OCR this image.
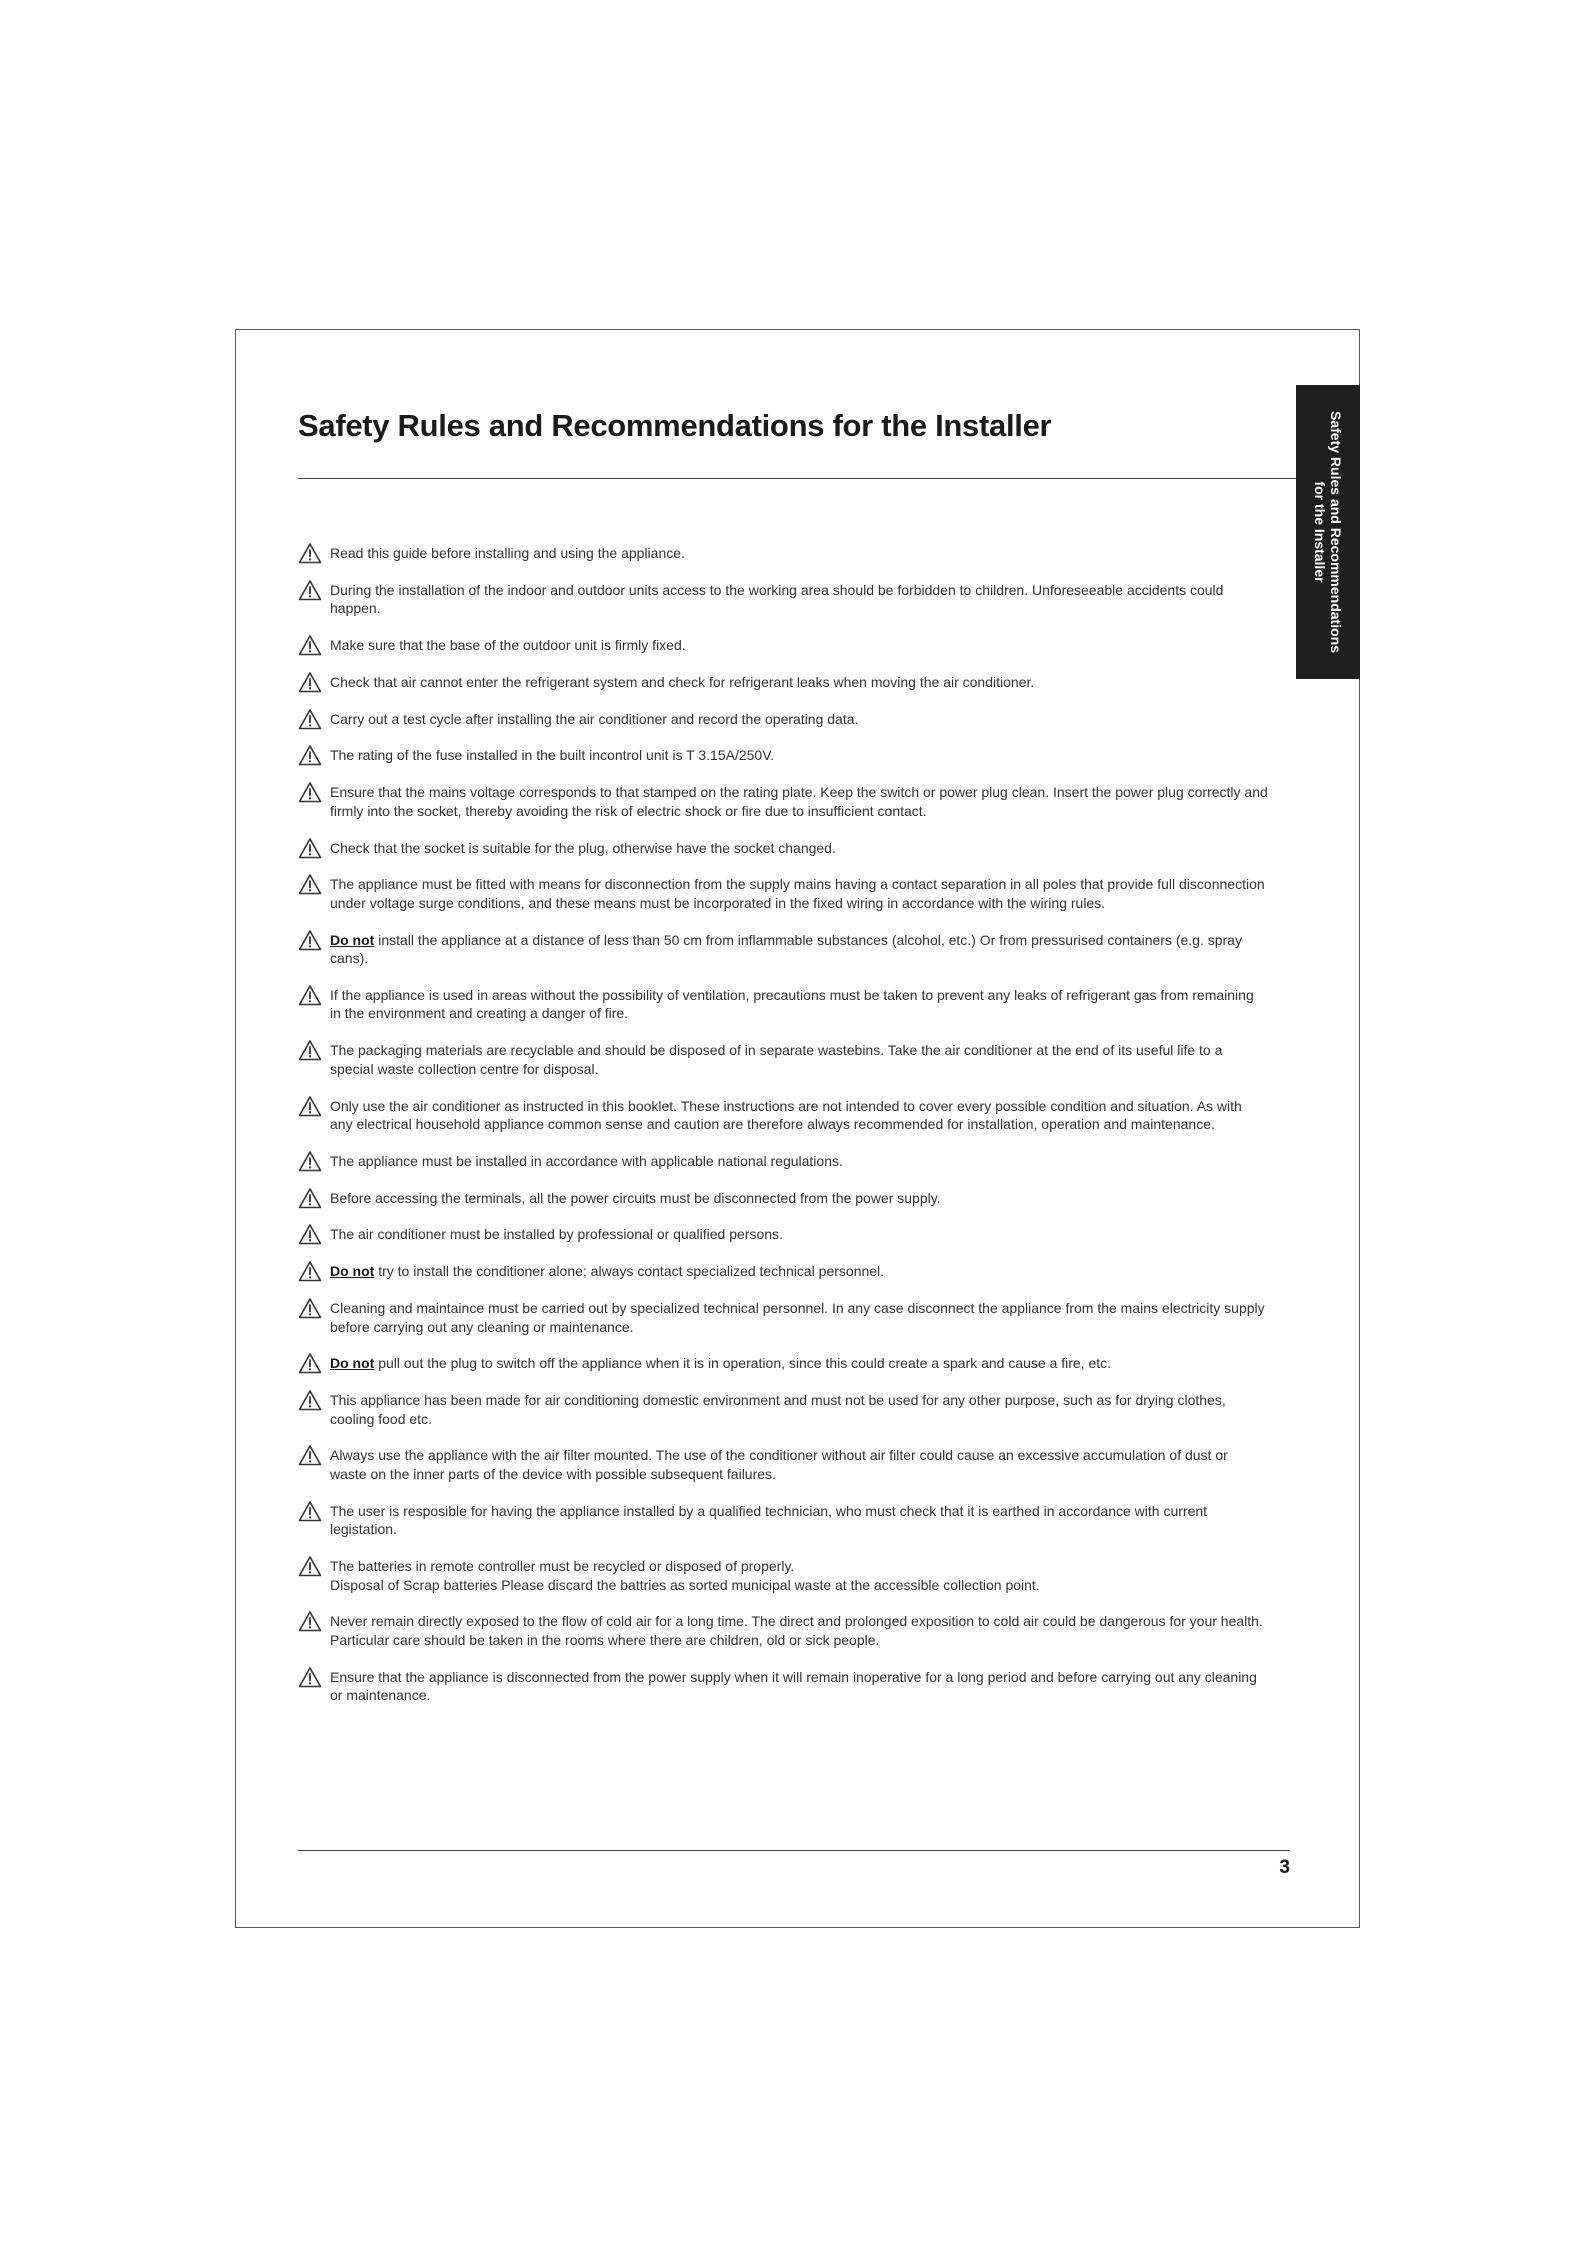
Safety Rules and Recommendations for the Installer	Safety Rules and Recommendations
for the Installer
Read this guide before installing and using the appliance.
During the installation of the indoor and outdoor units access to the working area should be forbidden to children. Unforeseeable accidents could happen.
Make sure that the base of the outdoor unit is firmly fixed.
Check that air cannot enter the refrigerant system and check for refrigerant leaks when moving the air conditioner.
Carry out a test cycle after installing the air conditioner and record the operating data.
The rating of the fuse installed in the built incontrol unit is T 3.15A/250V.
Ensure that the mains voltage corresponds to that stamped on the rating plate. Keep the switch or power plug clean. Insert the power plug correctly and firmly into the socket, thereby avoiding the risk of electric shock or fire due to insufficient contact.
Check that the socket is suitable for the plug, otherwise have the socket changed.
The appliance must be fitted with means for disconnection from the supply mains having a contact separation in all poles that provide full disconnection under voltage surge conditions, and these means must be incorporated in the fixed wiring in accordance with the wiring rules.
Do not install the appliance at a distance of less than 50 cm from inflammable substances (alcohol, etc.) Or from pressurised containers (e.g. spray cans).
If the appliance is used in areas without the possibility of ventilation, precautions must be taken to prevent any leaks of refrigerant gas from remaining in the environment and creating a danger of fire.
The packaging materials are recyclable and should be disposed of in separate wastebins. Take the air conditioner at the end of its useful life to a special waste collection centre for disposal.
Only use the air conditioner as instructed in this booklet. These instructions are not intended to cover every possible condition and situation. As with any electrical household appliance common sense and caution are therefore always recommended for installation, operation and maintenance.
The appliance must be installed in accordance with applicable national regulations.
Before accessing the terminals, all the power circuits must be disconnected from the power supply.
The air conditioner must be installed by professional or qualified persons.
Do not try to install the conditioner alone; always contact specialized technical personnel.
Cleaning and maintaince must be carried out by specialized technical personnel. In any case disconnect the appliance from the mains electricity supply before carrying out any cleaning or maintenance.
Do not pull out the plug to switch off the appliance when it is in operation, since this could create a spark and cause a fire, etc.
This appliance has been made for air conditioning domestic environment and must not be used for any other purpose, such as for drying clothes, cooling food etc.
Always use the appliance with the air filter mounted. The use of the conditioner without air filter could cause an excessive accumulation of dust or waste on the inner parts of the device with possible subsequent failures.
The user is resposible for having the appliance installed by a qualified technician, who must check that it is earthed in accordance with current legistation.
The batteries in remote controller must be recycled or disposed of properly.
Disposal of Scrap batteries Please discard the battries as sorted municipal waste at the accessible collection point.
Never remain directly exposed to the flow of cold air for a long time. The direct and prolonged exposition to cold air could be dangerous for your health. Particular care should be taken in the rooms where there are children, old or sick people.
Ensure that the appliance is disconnected from the power supply when it will remain inoperative for a long period and before carrying out any cleaning or maintenance.
3
